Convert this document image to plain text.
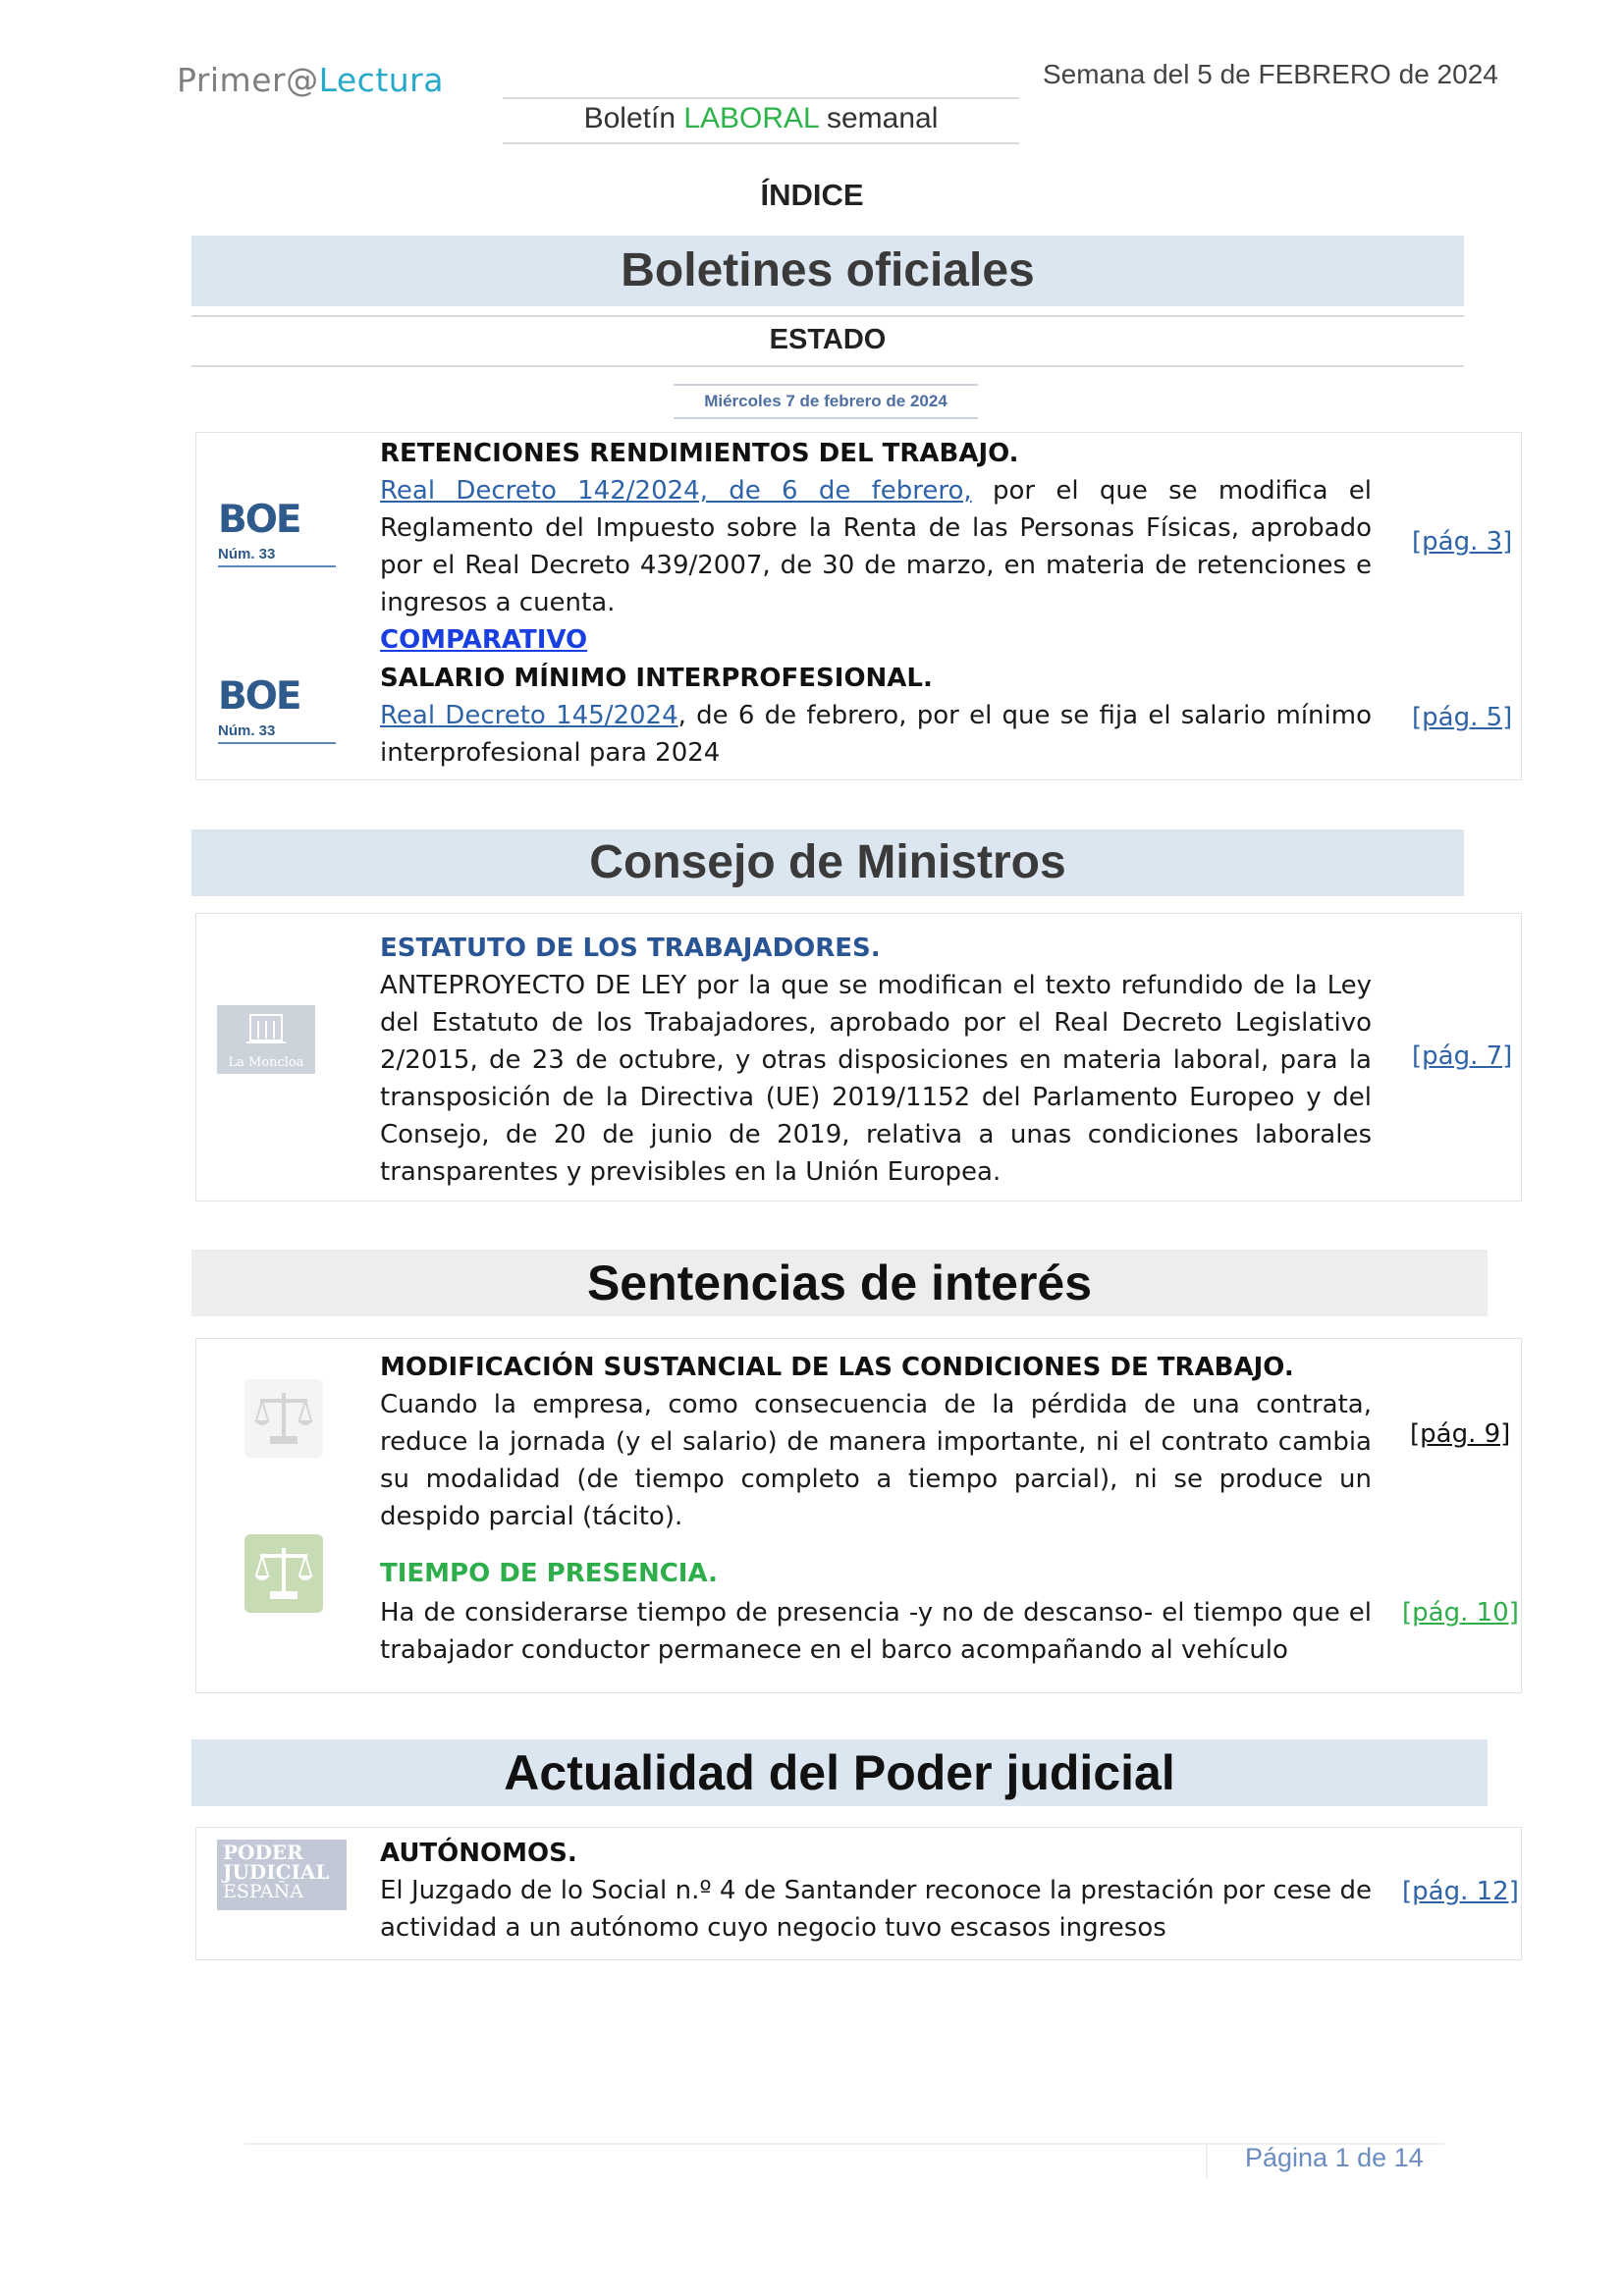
Primer@Lectura	Semana del 5 de FEBRERO de 2024
Boletín LABORAL semanal
ÍNDICE
Boletines oficiales
ESTADO
Miércoles 7 de febrero de 2024
BOE
Núm. 33
RETENCIONES RENDIMIENTOS DEL TRABAJO.
Real Decreto 142/2024, de 6 de febrero, por el que se modifica el Reglamento del Impuesto sobre la Renta de las Personas Físicas, aprobado por el Real Decreto 439/2007, de 30 de marzo, en materia de retenciones e ingresos a cuenta.
COMPARATIVO
[pág. 3]
BOE
Núm. 33
SALARIO MÍNIMO INTERPROFESIONAL.
Real Decreto 145/2024, de 6 de febrero, por el que se fija el salario mínimo interprofesional para 2024
[pág. 5]
Consejo de Ministros
La Moncloa
ESTATUTO DE LOS TRABAJADORES.
ANTEPROYECTO DE LEY por la que se modifican el texto refundido de la Ley del Estatuto de los Trabajadores, aprobado por el Real Decreto Legislativo 2/2015, de 23 de octubre, y otras disposiciones en materia laboral, para la transposición de la Directiva (UE) 2019/1152 del Parlamento Europeo y del Consejo, de 20 de junio de 2019, relativa a unas condiciones laborales transparentes y previsibles en la Unión Europea.
[pág. 7]
Sentencias de interés
MODIFICACIÓN SUSTANCIAL DE LAS CONDICIONES DE TRABAJO.
Cuando la empresa, como consecuencia de la pérdida de una contrata, reduce la jornada (y el salario) de manera importante, ni el contrato cambia su modalidad (de tiempo completo a tiempo parcial), ni se produce un despido parcial (tácito).
[pág. 9]
TIEMPO DE PRESENCIA.
Ha de considerarse tiempo de presencia -y no de descanso- el tiempo que el trabajador conductor permanece en el barco acompañando al vehículo
[pág. 10]
Actualidad del Poder judicial
PODER
JUDICIAL
ESPAÑA
AUTÓNOMOS.
El Juzgado de lo Social n.º 4 de Santander reconoce la prestación por cese de actividad a un autónomo cuyo negocio tuvo escasos ingresos
[pág. 12]
Página 1 de 14
